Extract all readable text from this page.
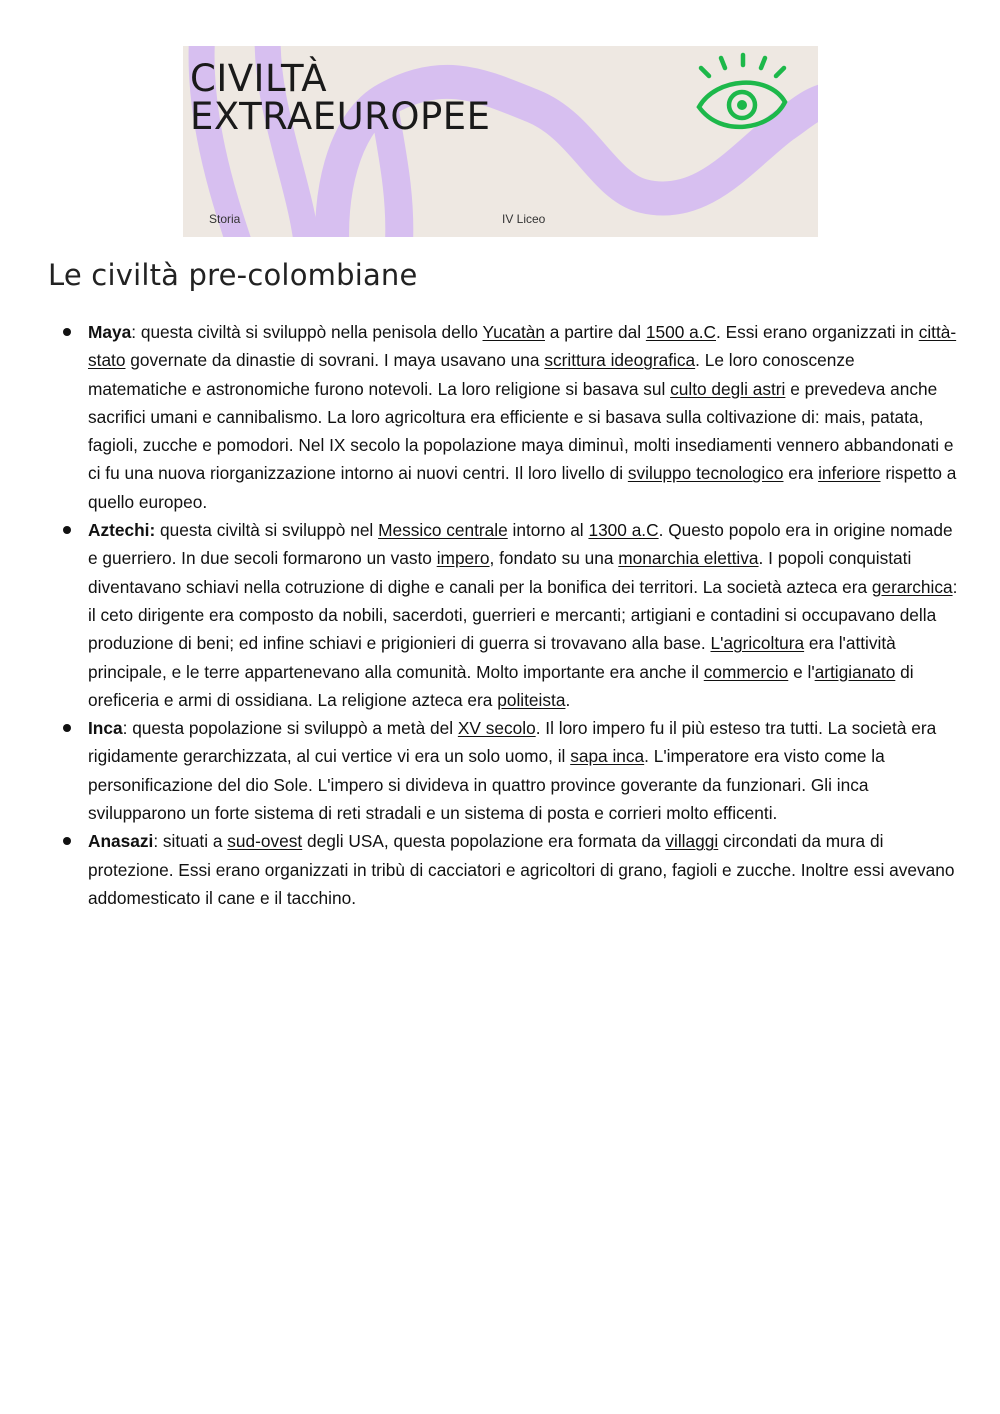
CIVILTÀ
EXTRAEUROPEE
Storia	IV Liceo
Le civiltà pre-colombiane
Maya: questa civiltà si sviluppò nella penisola dello Yucatàn a partire dal 1500 a.C. Essi erano organizzati in città-stato governate da dinastie di sovrani. I maya usavano una scrittura ideografica. Le loro conoscenze matematiche e astronomiche furono notevoli. La loro religione si basava sul culto degli astri e prevedeva anche sacrifici umani e cannibalismo. La loro agricoltura era efficiente e si basava sulla coltivazione di: mais, patata, fagioli, zucche e pomodori. Nel IX secolo la popolazione maya diminuì, molti insediamenti vennero abbandonati e ci fu una nuova riorganizzazione intorno ai nuovi centri. Il loro livello di sviluppo tecnologico era inferiore rispetto a quello europeo.
Aztechi: questa civiltà si sviluppò nel Messico centrale intorno al 1300 a.C. Questo popolo era in origine nomade e guerriero. In due secoli formarono un vasto impero, fondato su una monarchia elettiva. I popoli conquistati diventavano schiavi nella cotruzione di dighe e canali per la bonifica dei territori. La società azteca era gerarchica: il ceto dirigente era composto da nobili, sacerdoti, guerrieri e mercanti; artigiani e contadini si occupavano della produzione di beni; ed infine schiavi e prigionieri di guerra si trovavano alla base. L'agricoltura era l'attività principale, e le terre appartenevano alla comunità. Molto importante era anche il commercio e l'artigianato di oreficeria e armi di ossidiana. La religione azteca era politeista.
Inca: questa popolazione si sviluppò a metà del XV secolo. Il loro impero fu il più esteso tra tutti. La società era rigidamente gerarchizzata, al cui vertice vi era un solo uomo, il sapa inca. L'imperatore era visto come la personificazione del dio Sole. L'impero si divideva in quattro province goverante da funzionari. Gli inca svilupparono un forte sistema di reti stradali e un sistema di posta e corrieri molto efficenti.
Anasazi: situati a sud-ovest degli USA, questa popolazione era formata da villaggi circondati da mura di protezione. Essi erano organizzati in tribù di cacciatori e agricoltori di grano, fagioli e zucche. Inoltre essi avevano addomesticato il cane e il tacchino.
